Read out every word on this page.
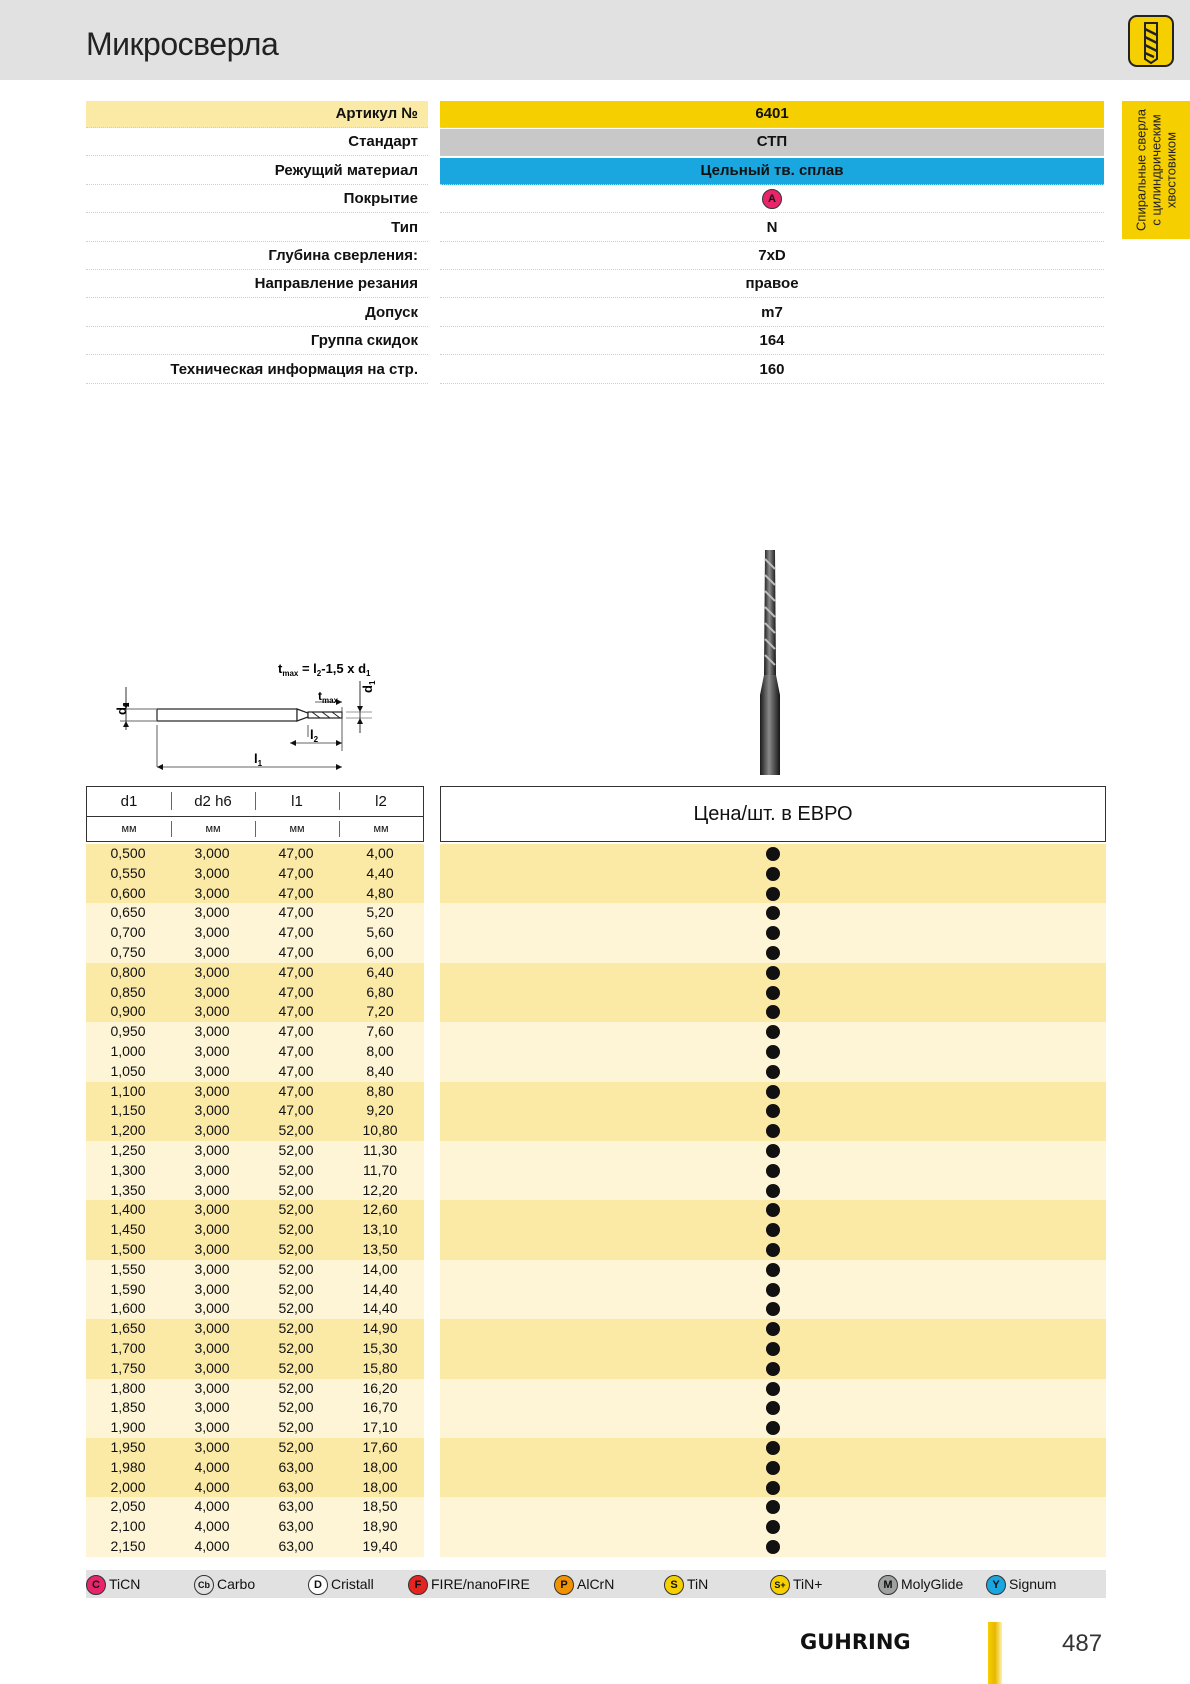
Микросверла
Спиральные сверла с цилиндрическим хвостовиком
Артикул №	6401
Стандарт	СТП
Режущий материал	Цельный тв. сплав
Покрытие	A
Тип	N
Глубина сверления:	7xD
Направление резания	правое
Допуск	m7
Группа скидок	164
Техническая информация на стр.	160
$t_{max} = l_2-1,5$ x $d_1$
$d_2$
$t_{max}$
$d_1$
$l_2$
$l_1$
d1	d2 h6	l1	l2
мм	мм	мм	мм
Цена/шт. в ЕВРО
0,500	3,000	47,00	4,00
0,550	3,000	47,00	4,40
0,600	3,000	47,00	4,80
0,650	3,000	47,00	5,20
0,700	3,000	47,00	5,60
0,750	3,000	47,00	6,00
0,800	3,000	47,00	6,40
0,850	3,000	47,00	6,80
0,900	3,000	47,00	7,20
0,950	3,000	47,00	7,60
1,000	3,000	47,00	8,00
1,050	3,000	47,00	8,40
1,100	3,000	47,00	8,80
1,150	3,000	47,00	9,20
1,200	3,000	52,00	10,80
1,250	3,000	52,00	11,30
1,300	3,000	52,00	11,70
1,350	3,000	52,00	12,20
1,400	3,000	52,00	12,60
1,450	3,000	52,00	13,10
1,500	3,000	52,00	13,50
1,550	3,000	52,00	14,00
1,590	3,000	52,00	14,40
1,600	3,000	52,00	14,40
1,650	3,000	52,00	14,90
1,700	3,000	52,00	15,30
1,750	3,000	52,00	15,80
1,800	3,000	52,00	16,20
1,850	3,000	52,00	16,70
1,900	3,000	52,00	17,10
1,950	3,000	52,00	17,60
1,980	4,000	63,00	18,00
2,000	4,000	63,00	18,00
2,050	4,000	63,00	18,50
2,100	4,000	63,00	18,90
2,150	4,000	63,00	19,40
C TiCN	Cb Carbo	D Cristall	F FIRE/nanoFIRE	P AlCrN	S TiN	S+ TiN+	M MolyGlide	Y Signum
GUHRING	487
